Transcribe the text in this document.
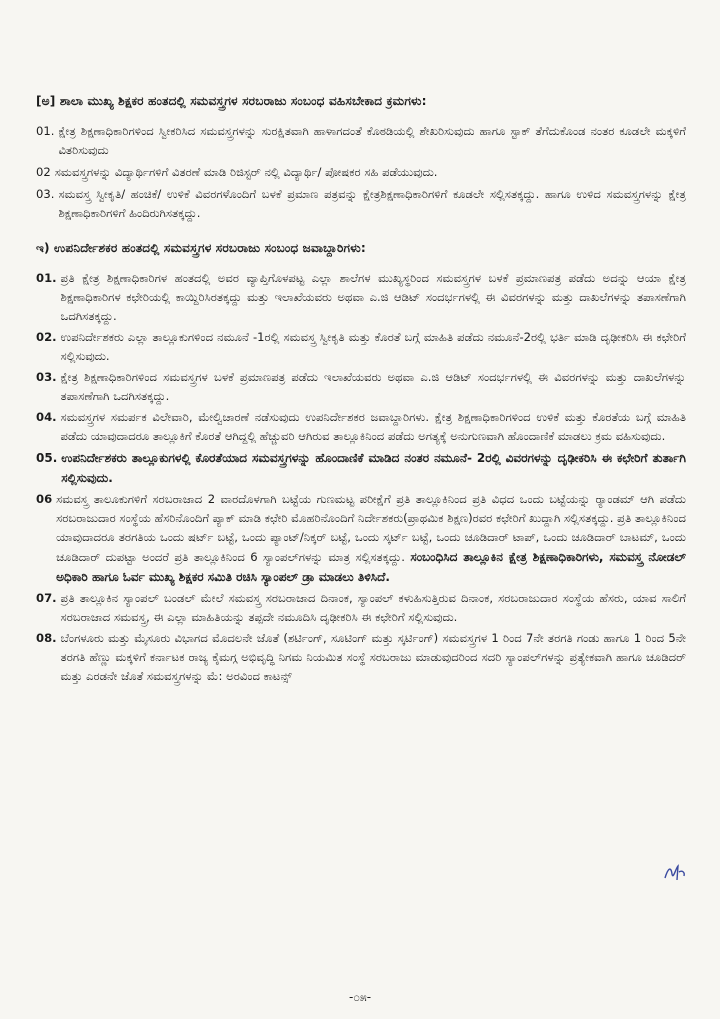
[ಅ] ಶಾಲಾ ಮುಖ್ಯ ಶಿಕ್ಷಕರ ಹಂತದಲ್ಲಿ ಸಮವಸ್ತ್ರಗಳ ಸರಬರಾಜು ಸಂಬಂಧ ವಹಿಸಬೇಕಾದ ಕ್ರಮಗಳು:
01. ಕ್ಷೇತ್ರ ಶಿಕ್ಷಣಾಧಿಕಾರಿಗಳಿಂದ ಸ್ವೀಕರಿಸಿದ ಸಮವಸ್ತ್ರಗಳನ್ನು ಸುರಕ್ಷಿತವಾಗಿ ಹಾಳಾಗದಂತೆ ಕೊಠಡಿಯಲ್ಲಿ ಶೇಖರಿಸುವುದು ಹಾಗೂ ಸ್ಟಾಕ್ ತೆಗೆದುಕೊಂಡ ನಂತರ ಕೂಡಲೇ ಮಕ್ಕಳಿಗೆ ವಿತರಿಸುವುದು
02 ಸಮವಸ್ತ್ರಗಳನ್ನು ವಿದ್ಯಾರ್ಥಿಗಳಿಗೆ ವಿತರಣೆ ಮಾಡಿ ರಿಜಿಸ್ಟರ್ ನಲ್ಲಿ ವಿದ್ಯಾರ್ಥಿ/ ಪೋಷಕರ ಸಹಿ ಪಡೆಯುವುದು.
03. ಸಮವಸ್ತ್ರ ಸ್ವೀಕೃತಿ/ ಹಂಚಿಕೆ/ ಉಳಿಕೆ ವಿವರಗಳೊಂದಿಗೆ ಬಳಕೆ ಪ್ರಮಾಣ ಪತ್ರವನ್ನು ಕ್ಷೇತ್ರಶಿಕ್ಷಣಾಧಿಕಾರಿಗಳಿಗೆ ಕೂಡಲೇ ಸಲ್ಲಿಸತಕ್ಕದ್ದು. ಹಾಗೂ ಉಳಿದ ಸಮವಸ್ತ್ರಗಳನ್ನು ಕ್ಷೇತ್ರ ಶಿಕ್ಷಣಾಧಿಕಾರಿಗಳಿಗೆ ಹಿಂದಿರುಗಿಸತಕ್ಕದ್ದು.
ಇ) ಉಪನಿರ್ದೇಶಕರ ಹಂತದಲ್ಲಿ ಸಮವಸ್ತ್ರಗಳ ಸರಬರಾಜು ಸಂಬಂಧ ಜವಾಬ್ದಾರಿಗಳು:
01. ಪ್ರತಿ ಕ್ಷೇತ್ರ ಶಿಕ್ಷಣಾಧಿಕಾರಿಗಳ ಹಂತದಲ್ಲಿ ಅವರ ವ್ಯಾಪ್ತಿಗೊಳಪಟ್ಟ ಎಲ್ಲಾ ಶಾಲೆಗಳ ಮುಖ್ಯಸ್ಥರಿಂದ ಸಮವಸ್ತ್ರಗಳ ಬಳಕೆ ಪ್ರಮಾಣಪತ್ರ ಪಡೆದು ಅದನ್ನು ಆಯಾ ಕ್ಷೇತ್ರ ಶಿಕ್ಷಣಾಧಿಕಾರಿಗಳ ಕಛೇರಿಯಲ್ಲಿ ಕಾಯ್ದಿರಿಸಿರತಕ್ಕದ್ದು ಮತ್ತು ಇಲಾಖೆಯವರು ಅಥವಾ ಎ.ಜಿ ಆಡಿಟ್ ಸಂದರ್ಭಗಳಲ್ಲಿ ಈ ವಿವರಗಳನ್ನು ಮತ್ತು ದಾಖಲೆಗಳನ್ನು ತಪಾಸಣೆಗಾಗಿ ಒದಗಿಸತಕ್ಕದ್ದು.
02. ಉಪನಿರ್ದೇಶಕರು ಎಲ್ಲಾ ತಾಲ್ಲೂಕುಗಳಿಂದ ನಮೂನೆ -1ರಲ್ಲಿ ಸಮವಸ್ತ್ರ ಸ್ವೀಕೃತಿ ಮತ್ತು ಕೊರತೆ ಬಗ್ಗೆ ಮಾಹಿತಿ ಪಡೆದು ನಮೂನೆ-2ರಲ್ಲಿ ಭರ್ತಿ ಮಾಡಿ ದೃಢೀಕರಿಸಿ ಈ ಕಛೇರಿಗೆ ಸಲ್ಲಿಸುವುದು.
03. ಕ್ಷೇತ್ರ ಶಿಕ್ಷಣಾಧಿಕಾರಿಗಳಿಂದ ಸಮವಸ್ತ್ರಗಳ ಬಳಕೆ ಪ್ರಮಾಣಪತ್ರ ಪಡೆದು ಇಲಾಖೆಯವರು ಅಥವಾ ಎ.ಜಿ ಆಡಿಟ್ ಸಂದರ್ಭಗಳಲ್ಲಿ ಈ ವಿವರಗಳನ್ನು ಮತ್ತು ದಾಖಲೆಗಳನ್ನು ತಪಾಸಣೆಗಾಗಿ ಒದಗಿಸತಕ್ಕದ್ದು.
04. ಸಮವಸ್ತ್ರಗಳ ಸಮರ್ಪಕ ವಿಲೇವಾರಿ, ಮೇಲ್ವಿಚಾರಣೆ ನಡೆಸುವುದು ಉಪನಿರ್ದೇಶಕರ ಜವಾಬ್ದಾರಿಗಳು. ಕ್ಷೇತ್ರ ಶಿಕ್ಷಣಾಧಿಕಾರಿಗಳಿಂದ ಉಳಿಕೆ ಮತ್ತು ಕೊರತೆಯ ಬಗ್ಗೆ ಮಾಹಿತಿ ಪಡೆದು ಯಾವುದಾದರೂ ತಾಲ್ಲೂಕಿಗೆ ಕೊರತೆ ಆಗಿದ್ದಲ್ಲಿ ಹೆಚ್ಚುವರಿ ಆಗಿರುವ ತಾಲ್ಲೂಕಿನಿಂದ ಪಡೆದು ಅಗತ್ಯಕ್ಕೆ ಅನುಗುಣವಾಗಿ ಹೊಂದಾಣಿಕೆ ಮಾಡಲು ಕ್ರಮ ವಹಿಸುವುದು.
05. ಉಪನಿರ್ದೇಶಕರು ತಾಲ್ಲೂಕುಗಳಲ್ಲಿ ಕೊರತೆಯಾದ ಸಮವಸ್ತ್ರಗಳನ್ನು ಹೊಂದಾಣಿಕೆ ಮಾಡಿದ ನಂತರ ನಮೂನೆ- 2ರಲ್ಲಿ ವಿವರಗಳನ್ನು ದೃಢೀಕರಿಸಿ ಈ ಕಛೇರಿಗೆ ತುರ್ತಾಗಿ ಸಲ್ಲಿಸುವುದು.
06 ಸಮವಸ್ತ್ರ ತಾಲೂಕುಗಳಿಗೆ ಸರಬರಾಜಾದ 2 ವಾರದೊಳಗಾಗಿ ಬಟ್ಟೆಯ ಗುಣಮಟ್ಟ ಪರೀಕ್ಷೆಗೆ ಪ್ರತಿ ತಾಲ್ಲೂಕಿನಿಂದ ಪ್ರತಿ ವಿಧದ ಒಂದು ಬಟ್ಟೆಯನ್ನು ರ್‍ಯಾಂಡಮ್ ಆಗಿ ಪಡೆದು ಸರಬರಾಜುದಾರ ಸಂಸ್ಥೆಯ ಹೆಸರಿನೊಂದಿಗೆ ಪ್ಯಾಕ್ ಮಾಡಿ ಕಛೇರಿ ಮೊಹರಿನೊಂದಿಗೆ ನಿರ್ದೇಶಕರು(ಪ್ರಾಥಮಿಕ ಶಿಕ್ಷಣ)ರವರ ಕಛೇರಿಗೆ ಖುದ್ದಾಗಿ ಸಲ್ಲಿಸತಕ್ಕದ್ದು. ಪ್ರತಿ ತಾಲ್ಲೂಕಿನಿಂದ ಯಾವುದಾದರೂ ತರಗತಿಯ ಒಂದು ಷರ್ಟ್ ಬಟ್ಟೆ, ಒಂದು ಪ್ಯಾಂಟ್/ನಿಕ್ಕರ್ ಬಟ್ಟೆ, ಒಂದು ಸ್ಕರ್ಟ್ ಬಟ್ಟೆ, ಒಂದು ಚೂಡಿದಾರ್ ಟಾಪ್, ಒಂದು ಚೂಡಿದಾರ್ ಬಾಟಮ್, ಒಂದು ಚೂಡಿದಾರ್ ದುಪಟ್ಟಾ ಅಂದರೆ ಪ್ರತಿ ತಾಲ್ಲೂಕಿನಿಂದ 6 ಸ್ಯಾಂಪಲ್‌ಗಳನ್ನು ಮಾತ್ರ ಸಲ್ಲಿಸತಕ್ಕದ್ದು. ಸಂಬಂಧಿಸಿದ ತಾಲ್ಲೂಕಿನ ಕ್ಷೇತ್ರ ಶಿಕ್ಷಣಾಧಿಕಾರಿಗಳು, ಸಮವಸ್ತ್ರ ನೋಡಲ್ ಅಧಿಕಾರಿ ಹಾಗೂ ಓರ್ವ ಮುಖ್ಯ ಶಿಕ್ಷಕರ ಸಮಿತಿ ರಚಿಸಿ ಸ್ಯಾಂಪಲ್ ಡ್ರಾ ಮಾಡಲು ತಿಳಿಸಿದೆ.
07. ಪ್ರತಿ ತಾಲ್ಲೂಕಿನ ಸ್ಯಾಂಪಲ್ ಬಂಡಲ್ ಮೇಲೆ ಸಮವಸ್ತ್ರ ಸರಬರಾಜಾದ ದಿನಾಂಕ, ಸ್ಯಾಂಪಲ್ ಕಳುಹಿಸುತ್ತಿರುವ ದಿನಾಂಕ, ಸರಬರಾಜುದಾರ ಸಂಸ್ಥೆಯ ಹೆಸರು, ಯಾವ ಸಾಲಿಗೆ ಸರಬರಾಜಾದ ಸಮವಸ್ತ್ರ, ಈ ಎಲ್ಲಾ ಮಾಹಿತಿಯನ್ನು ತಪ್ಪದೇ ನಮೂದಿಸಿ ದೃಢೀಕರಿಸಿ ಈ ಕಛೇರಿಗೆ ಸಲ್ಲಿಸುವುದು.
08. ಬೆಂಗಳೂರು ಮತ್ತು ಮೈಸೂರು ವಿಭಾಗದ ಮೊದಲನೇ ಜೊತೆ (ಶರ್ಟಿಂಗ್, ಸೂಟಿಂಗ್ ಮತ್ತು ಸ್ಕರ್ಟಿಂಗ್) ಸಮವಸ್ತ್ರಗಳ 1 ರಿಂದ 7ನೇ ತರಗತಿ ಗಂಡು ಹಾಗೂ 1 ರಿಂದ 5ನೇ ತರಗತಿ ಹೆಣ್ಣು ಮಕ್ಕಳಿಗೆ ಕರ್ನಾಟಕ ರಾಜ್ಯ ಕೈಮಗ್ಗ ಅಭಿವೃದ್ಧಿ ನಿಗಮ ನಿಯಮಿತ ಸಂಸ್ಥೆ ಸರಬರಾಜು ಮಾಡುವುದರಿಂದ ಸದರಿ ಸ್ಯಾಂಪಲ್‌ಗಳನ್ನು ಪ್ರತ್ಯೇಕವಾಗಿ ಹಾಗೂ ಚೂಡಿದರ್ ಮತ್ತು ಎರಡನೇ ಜೊತೆ ಸಮವಸ್ತ್ರಗಳನ್ನು ಮೆ: ಅರವಿಂದ ಕಾಟನ್ಸ್
-೦೫-
